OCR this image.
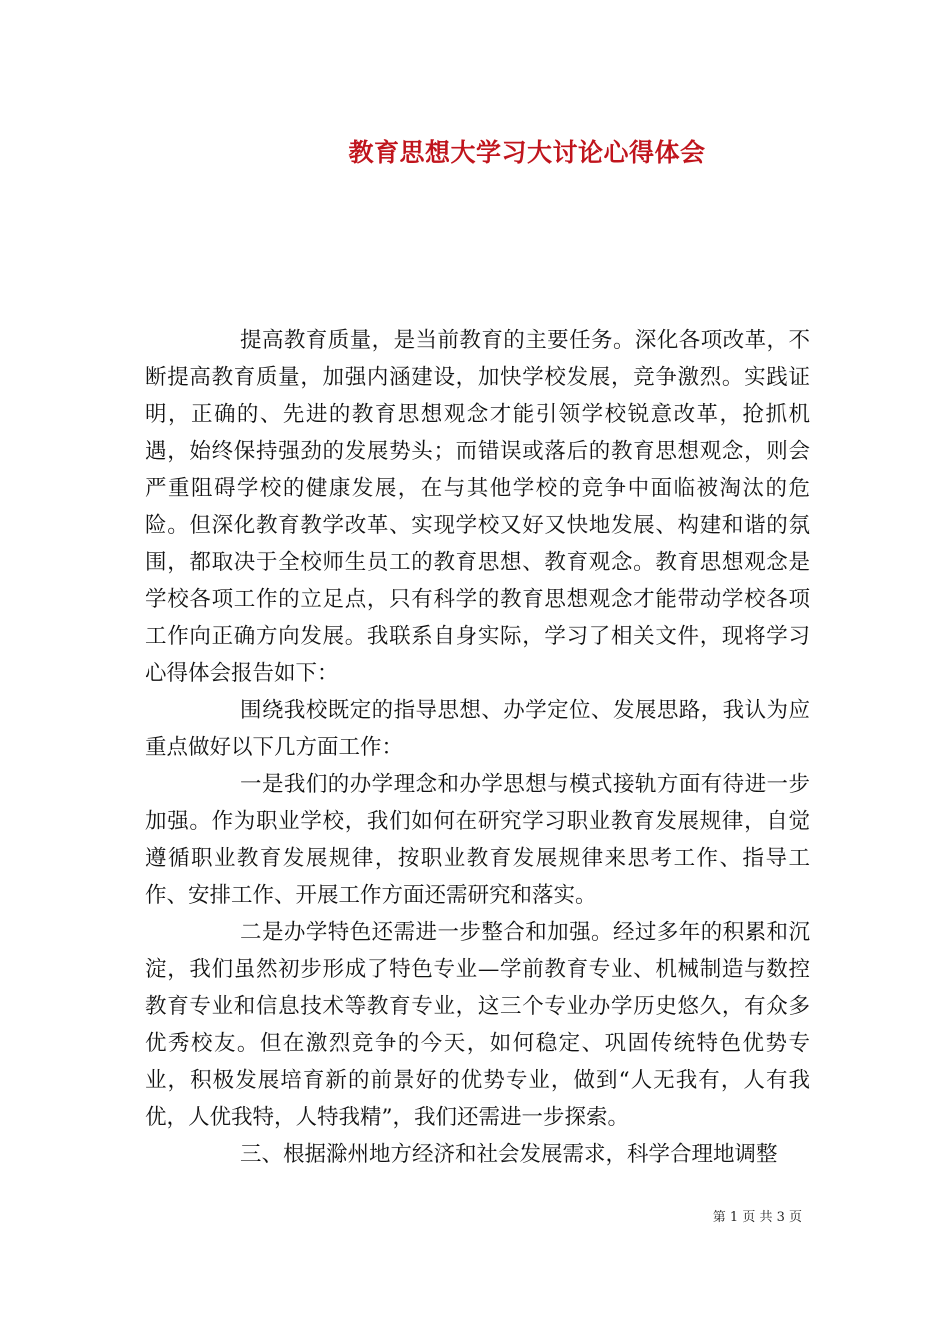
教育思想大学习大讨论心得体会

提高教育质量，是当前教育的主要任务。深化各项改革，不断提高教育质量，加强内涵建设，加快学校发展，竞争激烈。实践证明，正确的、先进的教育思想观念才能引领学校锐意改革，抢抓机遇，始终保持强劲的发展势头；而错误或落后的教育思想观念，则会严重阻碍学校的健康发展，在与其他学校的竞争中面临被淘汰的危险。但深化教育教学改革、实现学校又好又快地发展、构建和谐的氛围，都取决于全校师生员工的教育思想、教育观念。教育思想观念是学校各项工作的立足点，只有科学的教育思想观念才能带动学校各项工作向正确方向发展。我联系自身实际，学习了相关文件，现将学习心得体会报告如下：

围绕我校既定的指导思想、办学定位、发展思路，我认为应重点做好以下几方面工作：

一是我们的办学理念和办学思想与模式接轨方面有待进一步加强。作为职业学校，我们如何在研究学习职业教育发展规律，自觉遵循职业教育发展规律，按职业教育发展规律来思考工作、指导工作、安排工作、开展工作方面还需研究和落实。

二是办学特色还需进一步整合和加强。经过多年的积累和沉淀，我们虽然初步形成了特色专业—学前教育专业、机械制造与数控教育专业和信息技术等教育专业，这三个专业办学历史悠久，有众多优秀校友。但在激烈竞争的今天，如何稳定、巩固传统特色优势专业，积极发展培育新的前景好的优势专业，做到“人无我有，人有我优，人优我特，人特我精”，我们还需进一步探索。

三、根据滁州地方经济和社会发展需求，科学合理地调整

第 1 页 共 3 页
